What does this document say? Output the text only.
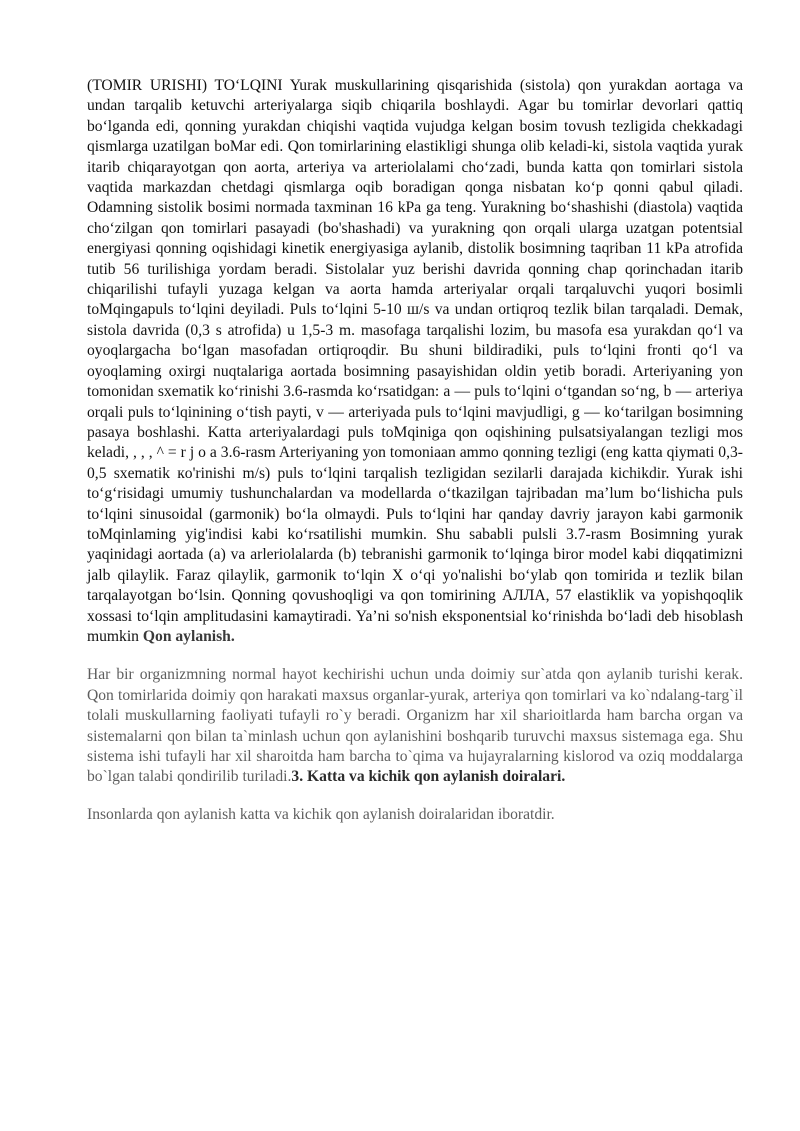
(TOMIR URISHI) TO‘LQINI Yurak muskullarining qisqarishida (sistola) qon yurakdan aortaga va undan tarqalib ketuvchi arteriyalarga siqib chiqarila boshlaydi. Agar bu tomirlar devorlari qattiq bo‘lganda edi, qonning yurakdan chiqishi vaqtida vujudga kelgan bosim tovush tezligida chekkadagi qismlarga uzatilgan boMar edi. Qon tomirlarining elastikligi shunga olib keladi-ki, sistola vaqtida yurak itarib chiqarayotgan qon aorta, arteriya va arteriolalami cho‘zadi, bunda katta qon tomirlari sistola vaqtida markazdan chetdagi qismlarga oqib boradigan qonga nisbatan ko‘p qonni qabul qiladi. Odamning sistolik bosimi normada taxminan 16 kPa ga teng. Yurakning bo‘shashishi (diastola) vaqtida cho‘zilgan qon tomirlari pasayadi (bo'shashadi) va yurakning qon orqali ularga uzatgan potentsial energiyasi qonning oqishidagi kinetik energiyasiga aylanib, distolik bosimning taqriban 11 kPa atrofida tutib 56 turilishiga yordam beradi. Sistolalar yuz berishi davrida qonning chap qorinchadan itarib chiqarilishi tufayli yuzaga kelgan va aorta hamda arteriyalar orqali tarqaluvchi yuqori bosimli toMqingapuls to‘lqini deyiladi. Puls to‘lqini 5-10 ш/s va undan ortiqroq tezlik bilan tarqaladi. Demak, sistola davrida (0,3 s atrofida) u 1,5-3 m. masofaga tarqalishi lozim, bu masofa esa yurakdan qo‘l va oyoqlargacha bo‘lgan masofadan ortiqroqdir. Bu shuni bildiradiki, puls to‘lqini fronti qo‘l va oyoqlaming oxirgi nuqtalariga aortada bosimning pasayishidan oldin yetib boradi. Arteriyaning yon tomonidan sxematik ko‘rinishi 3.6-rasmda ko‘rsatidgan: a — puls to‘lqini o‘tgandan so‘ng, b — arteriya orqali puls to‘lqinining o‘tish payti, v — arteriyada puls to‘lqini mavjudligi, g — ko‘tarilgan bosimning pasaya boshlashi. Katta arteriyalardagi puls toMqiniga qon oqishining pulsatsiyalangan tezligi mos keladi, , , , ^ = r j o a 3.6-rasm Arteriyaning yon tomoniaan ammo qonning tezligi (eng katta qiymati 0,3-0,5 sxematik кo'rinishi m/s) puls to‘lqini tarqalish tezligidan sezilarli darajada kichikdir. Yurak ishi to‘g‘risidagi umumiy tushunchalardan va modellarda o‘tkazilgan tajribadan ma’lum bo‘lishicha puls to‘lqini sinusoidal (garmonik) bo‘la olmaydi. Puls to‘lqini har qanday davriy jarayon kabi garmonik toMqinlaming yig'indisi kabi ko‘rsatilishi mumkin. Shu sababli pulsli 3.7-rasm Bosimning yurak yaqinidagi aortada (a) va arleriolalarda (b) tebranishi garmonik to‘lqinga biror model kabi diqqatimizni jalb qilaylik. Faraz qilaylik, garmonik to‘lqin X o‘qi yo'nalishi bo‘ylab qon tomirida и tezlik bilan tarqalayotgan bo‘lsin. Qonning qovushoqligi va qon tomirining АЛЛА, 57 elastiklik va yopishqoqlik xossasi to‘lqin amplitudasini kamaytiradi. Ya’ni so'nish eksponentsial ko‘rinishda bo‘ladi deb hisoblash mumkin Qon aylanish.

Har bir organizmning normal hayot kechirishi uchun unda doimiy sur`atda qon aylanib turishi kerak. Qon tomirlarida doimiy qon harakati maxsus organlar-yurak, arteriya qon tomirlari va ko`ndalang-targ`il tolali muskullarning faoliyati tufayli ro`y beradi. Organizm har xil sharioitlarda ham barcha organ va sistemalarni qon bilan ta`minlash uchun qon aylanishini boshqarib turuvchi maxsus sistemaga ega. Shu sistema ishi tufayli har xil sharoitda ham barcha to`qima va hujayralarning kislorod va oziq moddalarga bo`lgan talabi qondirilib turiladi.3. Katta va kichik qon aylanish doiralari.

Insonlarda qon aylanish katta va kichik qon aylanish doiralaridan iboratdir.
